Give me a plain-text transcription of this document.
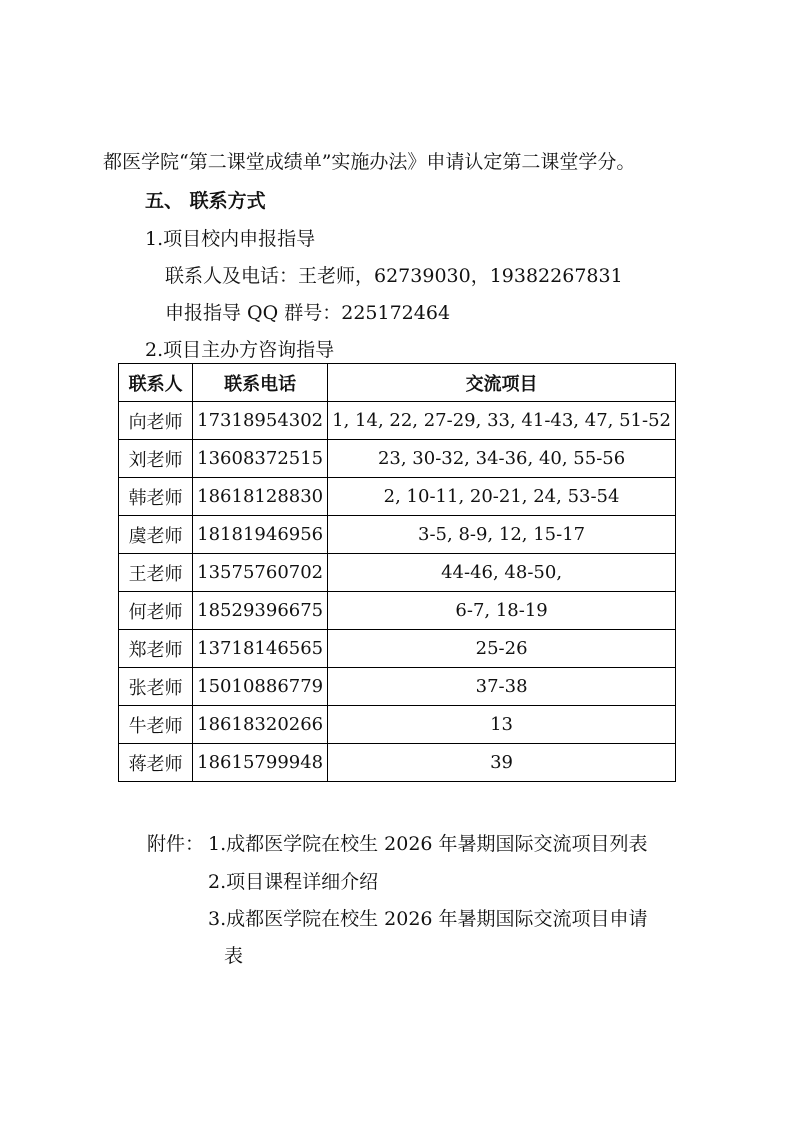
都医学院“第二课堂成绩单”实施办法》申请认定第二课堂学分。
五、 联系方式
1.项目校内申报指导
联系人及电话：王老师，62739030，19382267831
申报指导 QQ 群号：225172464
2.项目主办方咨询指导
联系人	联系电话	交流项目
向老师	17318954302	1, 14, 22, 27-29, 33, 41-43, 47, 51-52
刘老师	13608372515	23, 30-32, 34-36, 40, 55-56
韩老师	18618128830	2, 10-11, 20-21, 24, 53-54
虞老师	18181946956	3-5, 8-9, 12, 15-17
王老师	13575760702	44-46, 48-50,
何老师	18529396675	6-7, 18-19
郑老师	13718146565	25-26
张老师	15010886779	37-38
牛老师	18618320266	13
蒋老师	18615799948	39
附件： 1.成都医学院在校生 2026 年暑期国际交流项目列表
2.项目课程详细介绍
3.成都医学院在校生 2026 年暑期国际交流项目申请
表
